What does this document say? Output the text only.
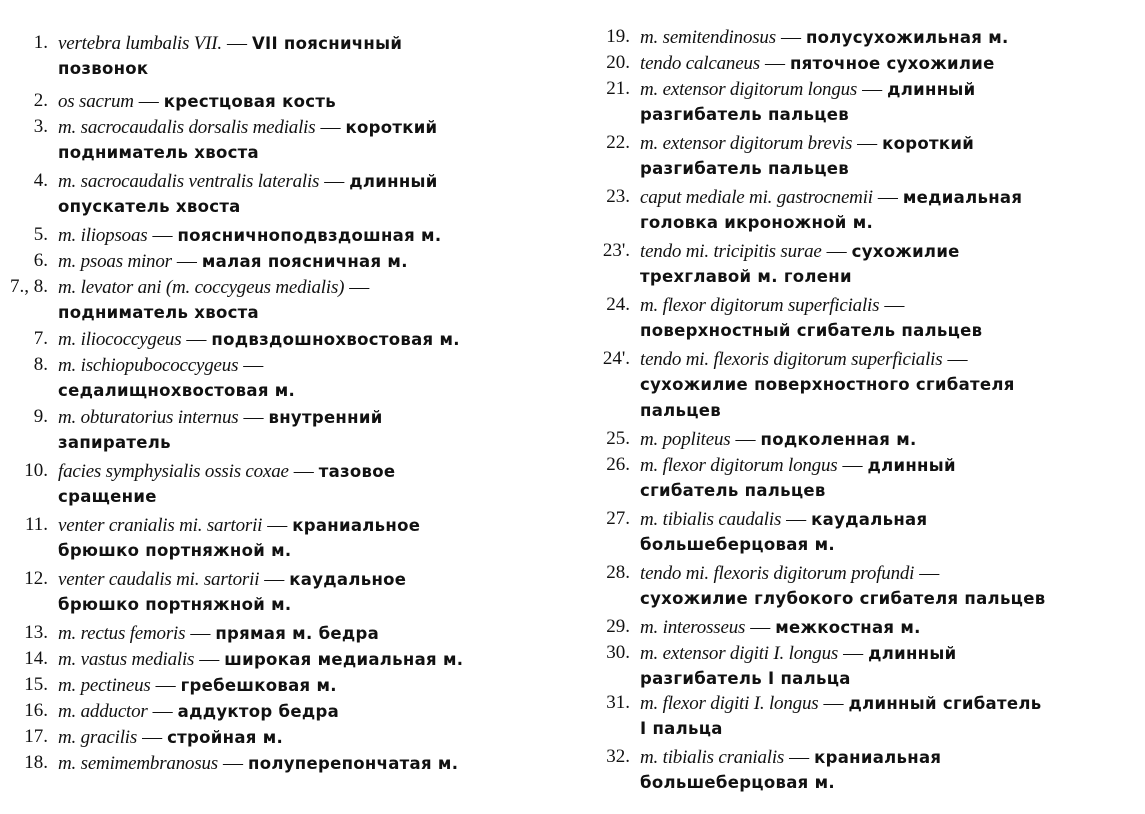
1. vertebra lumbalis VII. — VII поясничный
позвонок
2. os sacrum — крестцовая кость
3. m. sacrocaudalis dorsalis medialis — короткий
подниматель хвоста
4. m. sacrocaudalis ventralis lateralis — длинный
опускатель хвоста
5. m. iliopsoas — поясничноподвздошная м.
6. m. psoas minor — малая поясничная м.
7., 8. m. levator ani (m. coccygeus medialis) —
подниматель хвоста
7. m. iliococcygeus — подвздошнохвостовая м.
8. m. ischiopubococcygeus —
седалищнохвостовая м.
9. m. obturatorius internus — внутренний
запиратель
10. facies symphysialis ossis coxae — тазовое
сращение
11. venter cranialis mi. sartorii — краниальное
брюшко портняжной м.
12. venter caudalis mi. sartorii — каудальное
брюшко портняжной м.
13. m. rectus femoris — прямая м. бедра
14. m. vastus medialis — широкая медиальная м.
15. m. pectineus — гребешковая м.
16. m. adductor — аддуктор бедра
17. m. gracilis — стройная м.
18. m. semimembranosus — полуперепончатая м.
19. m. semitendinosus — полусухожильная м.
20. tendo calcaneus — пяточное сухожилие
21. m. extensor digitorum longus — длинный
разгибатель пальцев
22. m. extensor digitorum brevis — короткий
разгибатель пальцев
23. caput mediale mi. gastrocnemii — медиальная
головка икроножной м.
23'. tendo mi. tricipitis surae — сухожилие
трехглавой м. голени
24. m. flexor digitorum superficialis —
поверхностный сгибатель пальцев
24'. tendo mi. flexoris digitorum superficialis —
сухожилие поверхностного сгибателя
пальцев
25. m. popliteus — подколенная м.
26. m. flexor digitorum longus — длинный
сгибатель пальцев
27. m. tibialis caudalis — каудальная
большеберцовая м.
28. tendo mi. flexoris digitorum profundi —
сухожилие глубокого сгибателя пальцев
29. m. interosseus — межкостная м.
30. m. extensor digiti I. longus — длинный
разгибатель I пальца
31. m. flexor digiti I. longus — длинный сгибатель
I пальца
32. m. tibialis cranialis — краниальная
большеберцовая м.
